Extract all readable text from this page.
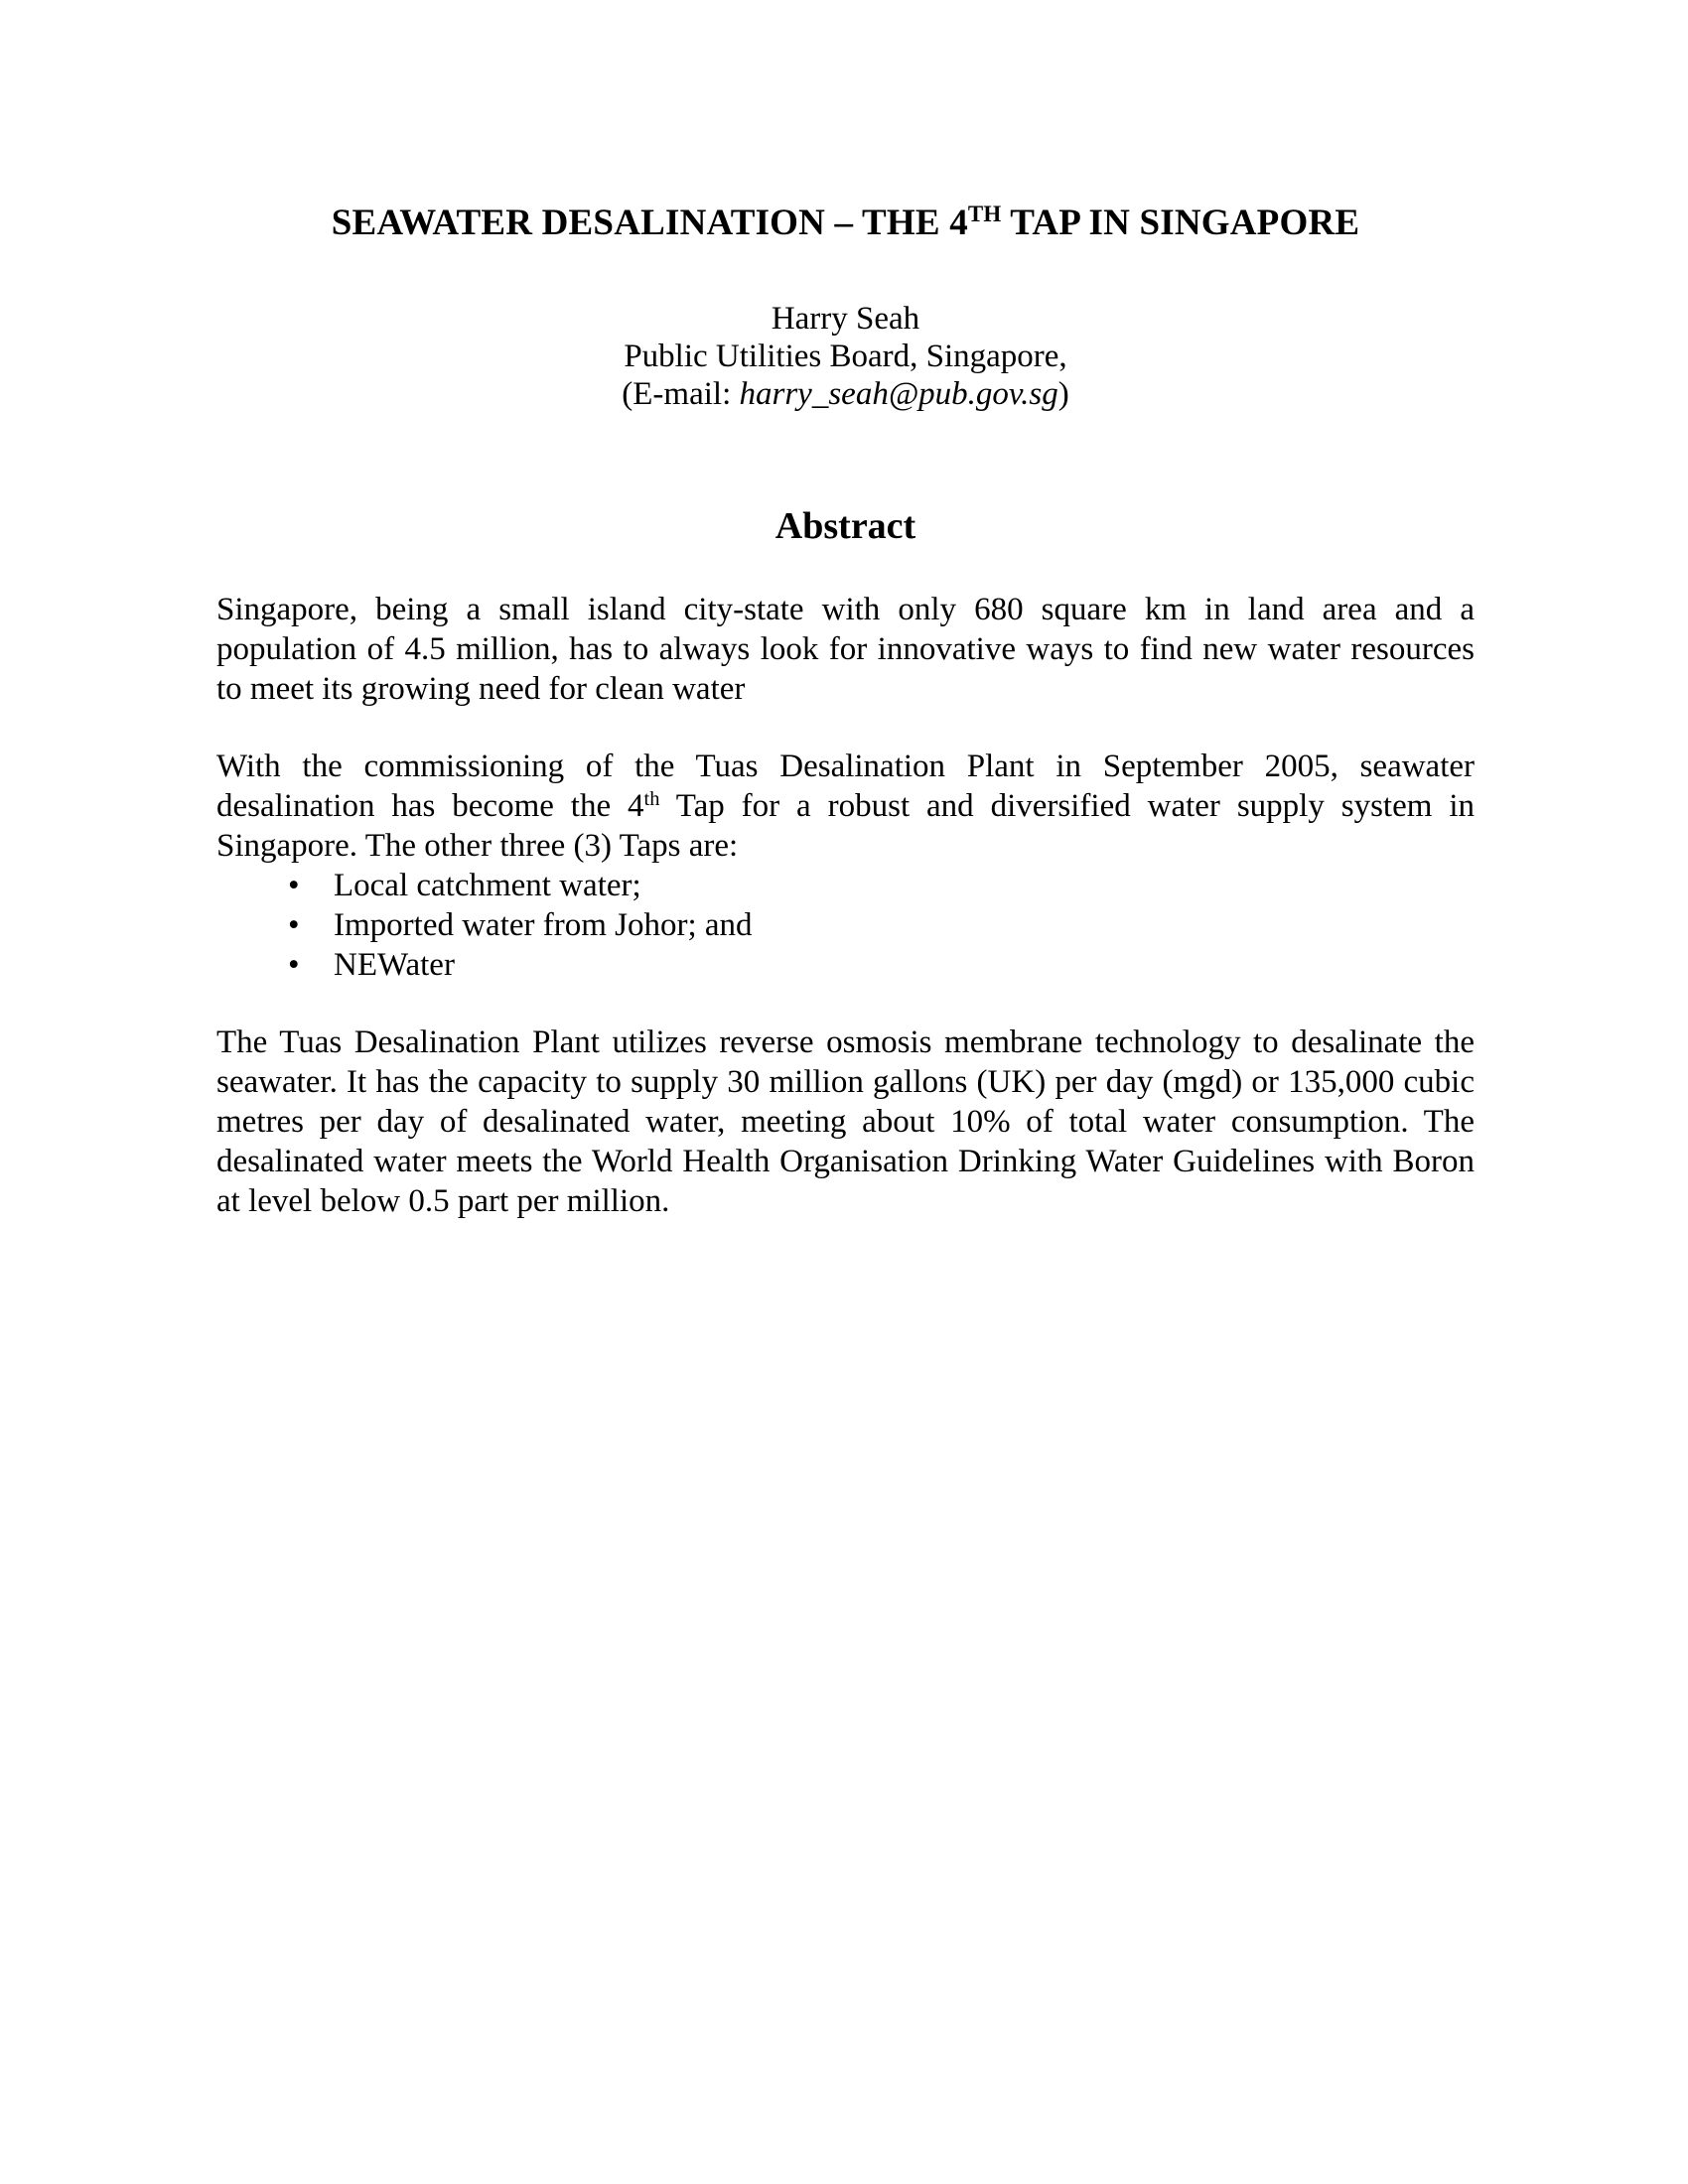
SEAWATER DESALINATION – THE 4TH TAP IN SINGAPORE
Harry Seah
Public Utilities Board, Singapore,
(E-mail: harry_seah@pub.gov.sg)
Abstract

Singapore, being a small island city-state with only 680 square km in land area and a population of 4.5 million, has to always look for innovative ways to find new water resources to meet its growing need for clean water

With the commissioning of the Tuas Desalination Plant in September 2005, seawater desalination has become the 4th Tap for a robust and diversified water supply system in Singapore. The other three (3) Taps are:

• Local catchment water;
• Imported water from Johor; and
• NEWater

The Tuas Desalination Plant utilizes reverse osmosis membrane technology to desalinate the seawater. It has the capacity to supply 30 million gallons (UK) per day (mgd) or 135,000 cubic metres per day of desalinated water, meeting about 10% of total water consumption. The desalinated water meets the World Health Organisation Drinking Water Guidelines with Boron at level below 0.5 part per million.
